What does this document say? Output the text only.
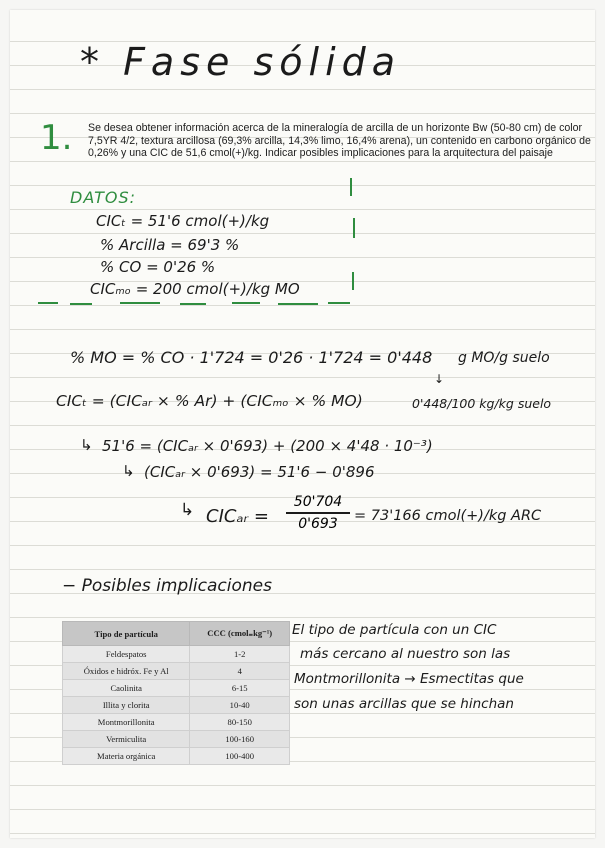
* Fase sólida
1. Se desea obtener información acerca de la mineralogía de arcilla de un horizonte Bw (50-80 cm) de color 7,5YR 4/2, textura arcillosa (69,3% arcilla, 14,3% limo, 16,4% arena), un contenido en carbono orgánico de 0,26% y una CIC de 51,6 cmol(+)/kg. Indicar posibles implicaciones para la arquitectura del paisaje
DATOS:
CICₜ = 51'6 cmol(+)/kg
% Arcilla = 69'3 %
% CO = 0'26 %
CICₘₒ = 200 cmol(+)/kg MO
% MO = % CO · 1'724 = 0'26 · 1'724 = 0'448 g MO/g suelo
↓
CICₜ = (CICₐᵣ × % Ar) + (CICₘₒ × % MO)	0'448/100 kg/kg suelo
↳ 51'6 = (CICₐᵣ × 0'693) + (200 × 4'48 · 10⁻³)
↳ (CICₐᵣ × 0'693) = 51'6 − 0'896
↳ CICₐᵣ =
50'704
0'693	= 73'166 cmol(+)/kg ARC
− Posibles implicaciones
Tipo de partícula	CCC (cmol₌kg⁻¹)
Feldespatos	1-2
Óxidos e hidróx. Fe y Al	4
Caolinita	6-15
Illita y clorita	10-40
Montmorillonita	80-150
Vermiculita	100-160
Materia orgánica	100-400
El tipo de partícula con un CIC
más cercano al nuestro son las
Montmorillonita → Esmectitas que
son unas arcillas que se hinchan
